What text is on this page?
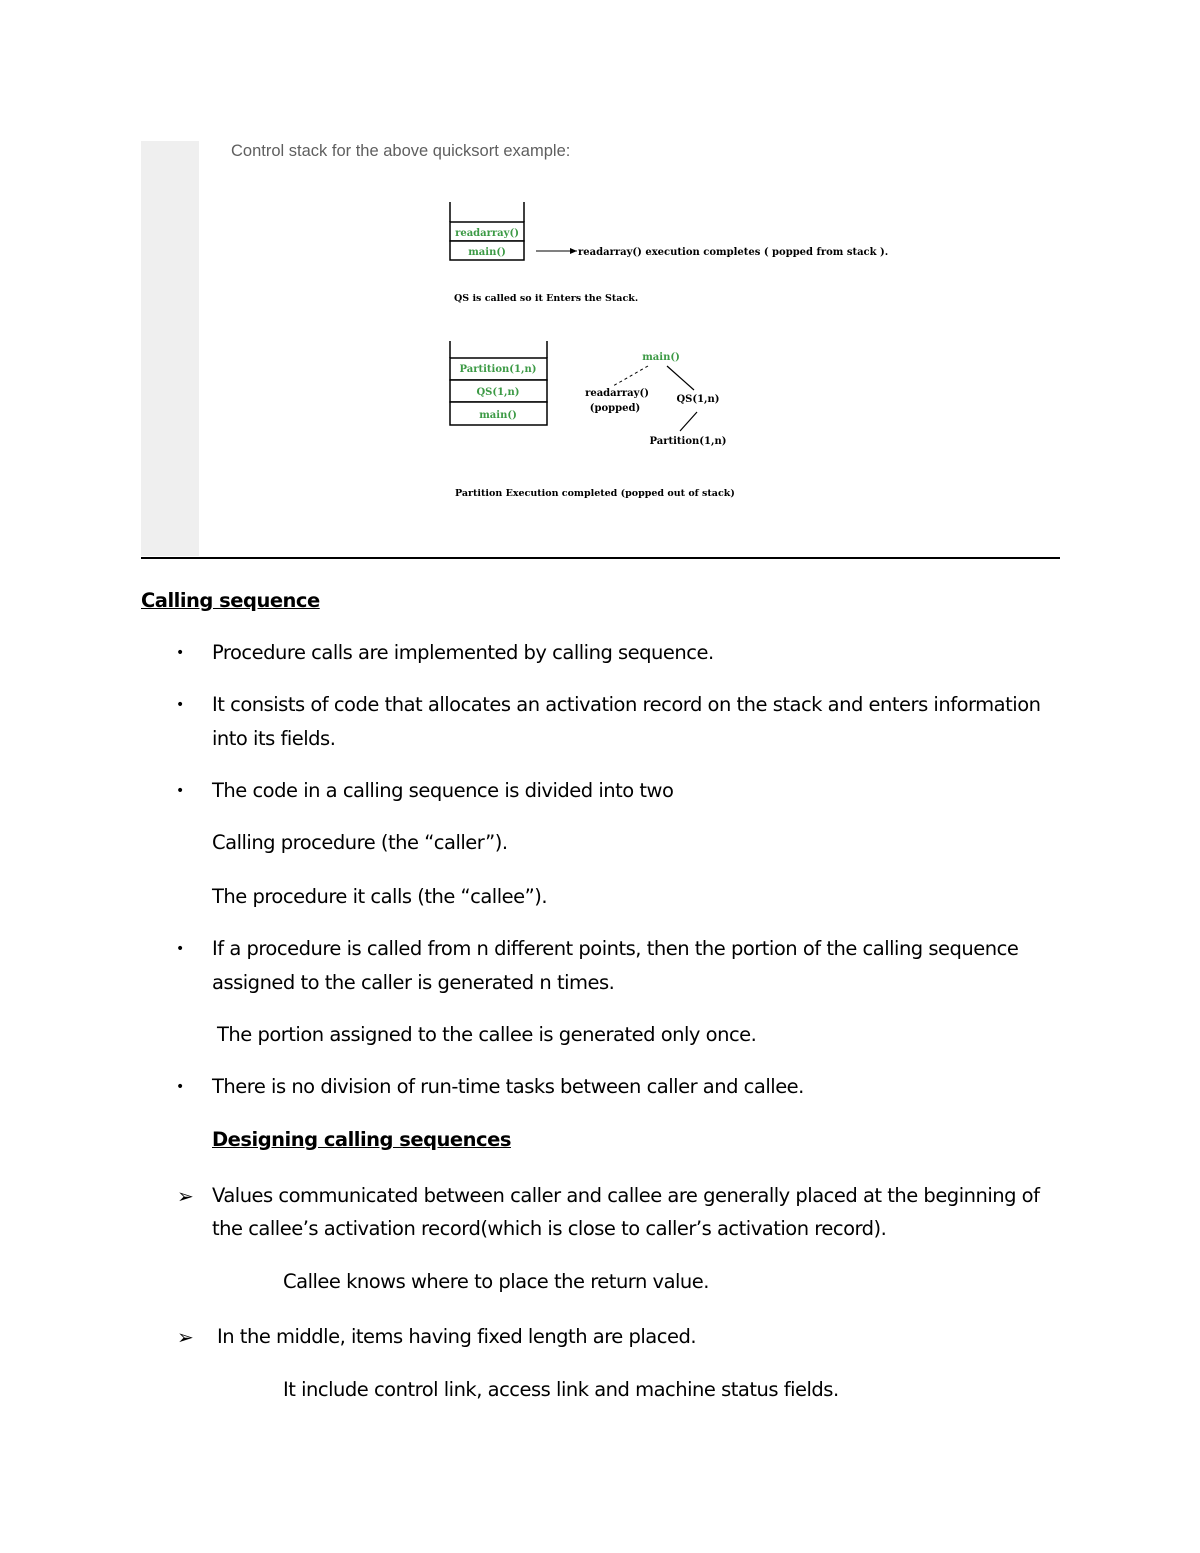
Control stack for the above quicksort example:
readarray()
main()	readarray() execution completes ( popped from stack ).
QS is called so it Enters the Stack.
Partition(1,n)
QS(1,n)
main()
main()
readarray()
(popped)
QS(1,n)
Partition(1,n)
Partition Execution completed (popped out of stack)
Calling sequence
• Procedure calls are implemented by calling sequence.
• It consists of code that allocates an activation record on the stack and enters information
into its fields.
• The code in a calling sequence is divided into two
Calling procedure (the “caller”).
The procedure it calls (the “callee”).
• If a procedure is called from n different points, then the portion of the calling sequence
assigned to the caller is generated n times.
The portion assigned to the callee is generated only once.
• There is no division of run-time tasks between caller and callee.
Designing calling sequences
➢ Values communicated between caller and callee are generally placed at the beginning of
the callee’s activation record(which is close to caller’s activation record).
Callee knows where to place the return value.
➢ In the middle, items having fixed length are placed.
It include control link, access link and machine status fields.
